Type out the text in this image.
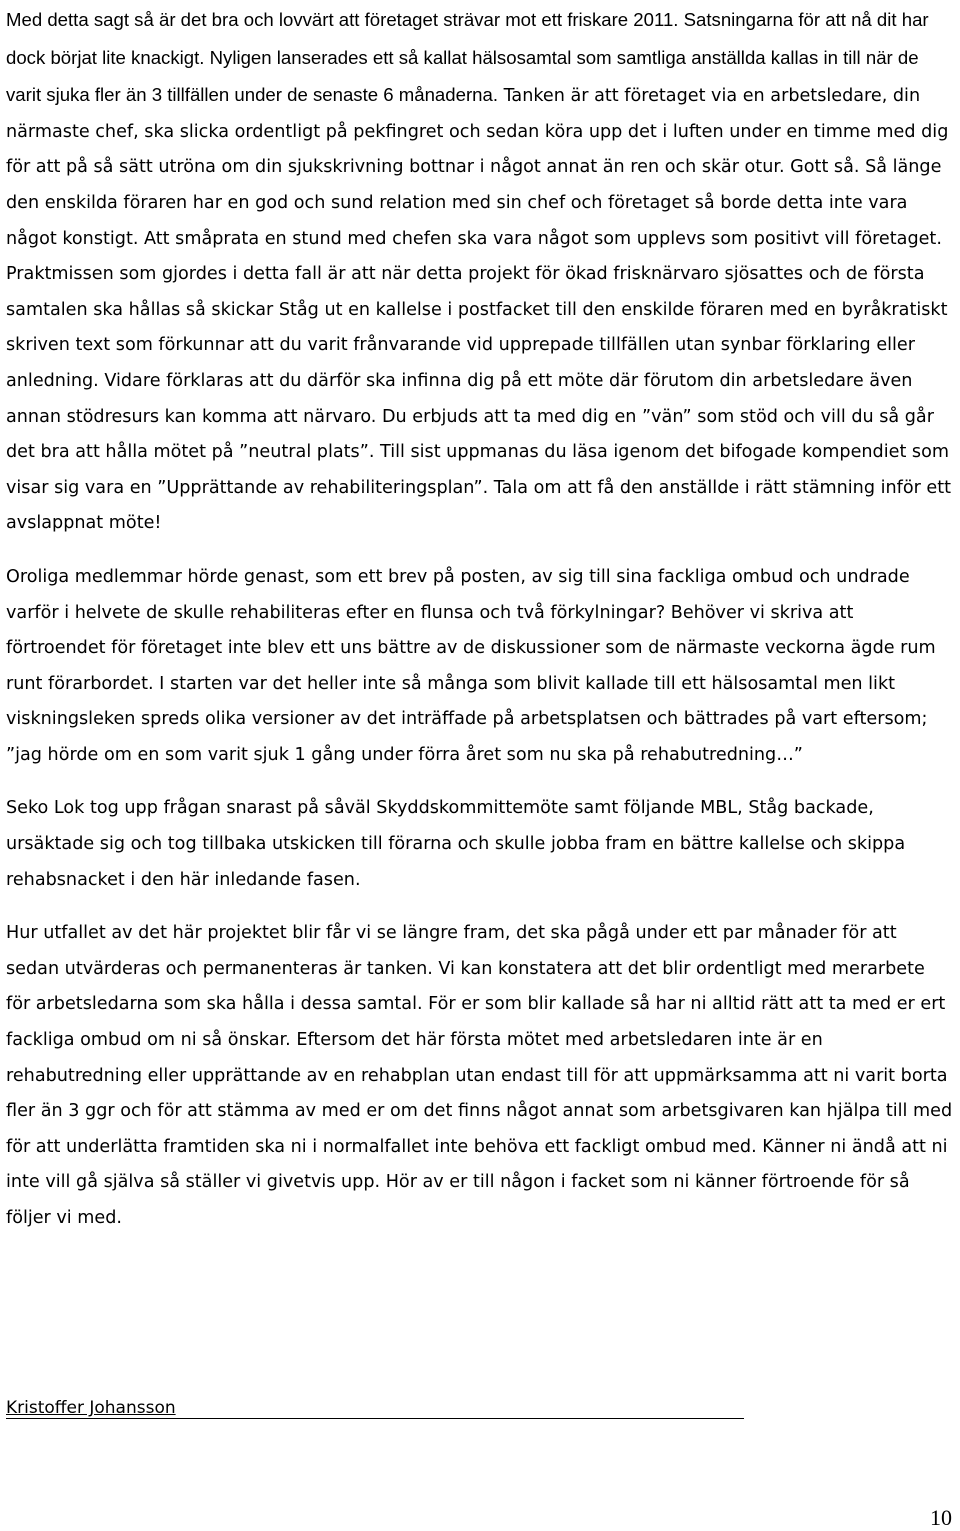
Med detta sagt så är det bra och lovvärt att företaget strävar mot ett friskare 2011. Satsningarna för att nå dit har dock börjat lite knackigt. Nyligen lanserades ett så kallat hälsosamtal som samtliga anställda kallas in till när de varit sjuka fler än 3 tillfällen under de senaste 6 månaderna. Tanken är att företaget via en arbetsledare, din närmaste chef, ska slicka ordentligt på pekfingret och sedan köra upp det i luften under en timme med dig för att på så sätt utröna om din sjukskrivning bottnar i något annat än ren och skär otur. Gott så. Så länge den enskilda föraren har en god och sund relation med sin chef och företaget så borde detta inte vara något konstigt. Att småprata en stund med chefen ska vara något som upplevs som positivt vill företaget. Praktmissen som gjordes i detta fall är att när detta projekt för ökad frisknärvaro sjösattes och de första samtalen ska hållas så skickar Ståg ut en kallelse i postfacket till den enskilde föraren med en byråkratiskt skriven text som förkunnar att du varit frånvarande vid upprepade tillfällen utan synbar förklaring eller anledning. Vidare förklaras att du därför ska infinna dig på ett möte där förutom din arbetsledare även annan stödresurs kan komma att närvaro. Du erbjuds att ta med dig en ”vän” som stöd och vill du så går det bra att hålla mötet på ”neutral plats”. Till sist uppmanas du läsa igenom det bifogade kompendiet som visar sig vara en ”Upprättande av rehabiliteringsplan”. Tala om att få den anställde i rätt stämning inför ett avslappnat möte!

Oroliga medlemmar hörde genast, som ett brev på posten, av sig till sina fackliga ombud och undrade varför i helvete de skulle rehabiliteras efter en flunsa och två förkylningar? Behöver vi skriva att förtroendet för företaget inte blev ett uns bättre av de diskussioner som de närmaste veckorna ägde rum runt förarbordet. I starten var det heller inte så många som blivit kallade till ett hälsosamtal men likt viskningsleken spreds olika versioner av det inträffade på arbetsplatsen och bättrades på vart eftersom; ”jag hörde om en som varit sjuk 1 gång under förra året som nu ska på rehabutredning…”

Seko Lok tog upp frågan snarast på såväl Skyddskommittemöte samt följande MBL, Ståg backade, ursäktade sig och tog tillbaka utskicken till förarna och skulle jobba fram en bättre kallelse och skippa rehabsnacket i den här inledande fasen.

Hur utfallet av det här projektet blir får vi se längre fram, det ska pågå under ett par månader för att sedan utvärderas och permanenteras är tanken. Vi kan konstatera att det blir ordentligt med merarbete för arbetsledarna som ska hålla i dessa samtal. För er som blir kallade så har ni alltid rätt att ta med er ert fackliga ombud om ni så önskar. Eftersom det här första mötet med arbetsledaren inte är en rehabutredning eller upprättande av en rehabplan utan endast till för att uppmärksamma att ni varit borta fler än 3 ggr och för att stämma av med er om det finns något annat som arbetsgivaren kan hjälpa till med för att underlätta framtiden ska ni i normalfallet inte behöva ett fackligt ombud med. Känner ni ändå att ni inte vill gå själva så ställer vi givetvis upp. Hör av er till någon i facket som ni känner förtroende för så följer vi med.

Kristoffer Johansson
10
